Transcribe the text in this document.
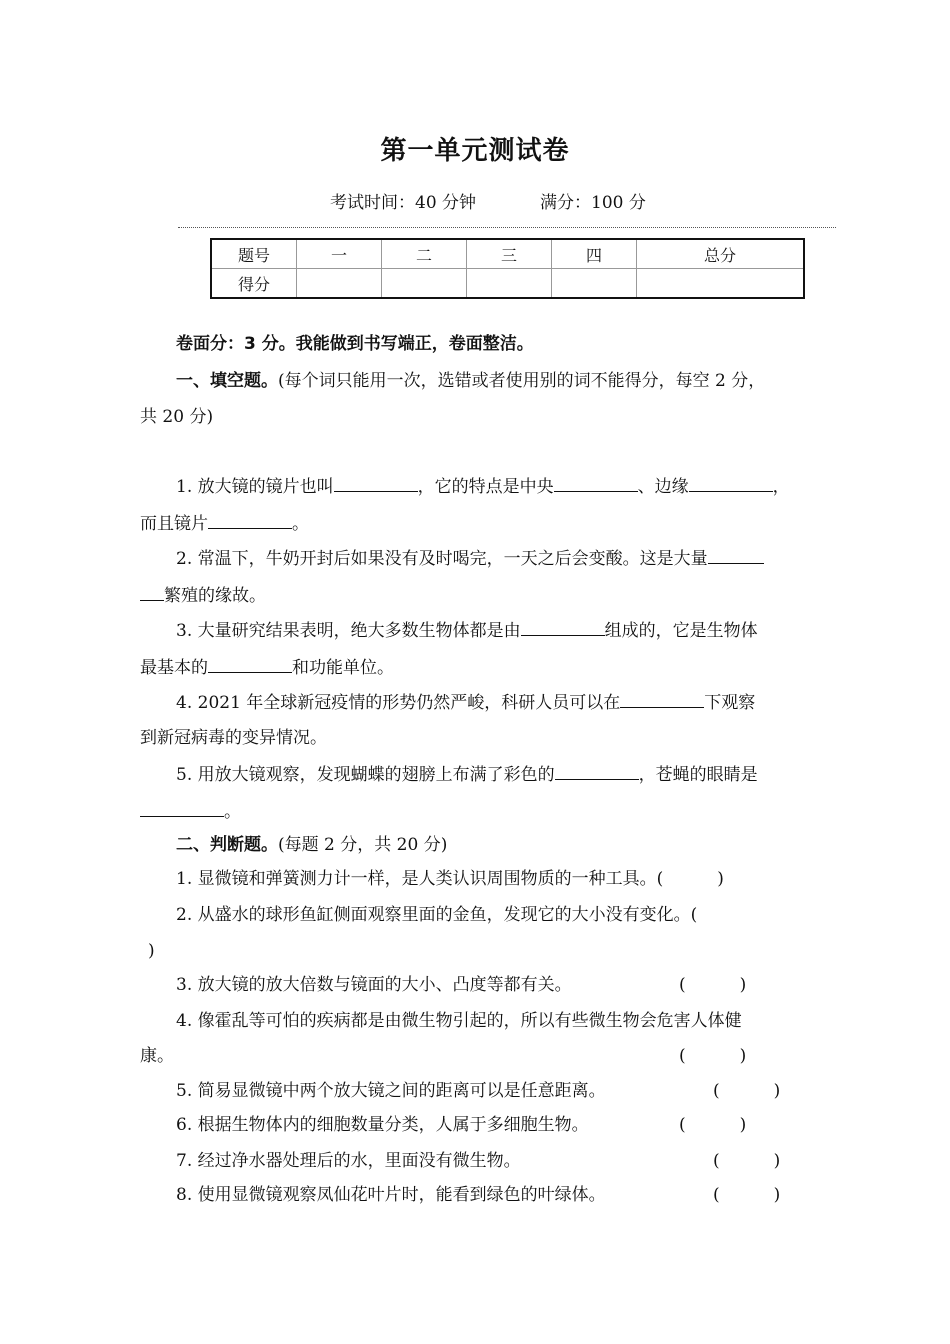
第一单元测试卷
考试时间：40 分钟	满分：100 分
题号	一	二	三	四	总分
得分					
卷面分：3 分。我能做到书写端正，卷面整洁。
一、填空题。(每个词只能用一次，选错或者使用别的词不能得分，每空 2 分，
共 20 分)
1. 放大镜的镜片也叫	，它的特点是中央	、边缘	，
而且镜片	。
2. 常温下，牛奶开封后如果没有及时喝完，一天之后会变酸。这是大量
繁殖的缘故。
3. 大量研究结果表明，绝大多数生物体都是由	组成的，它是生物体
最基本的	和功能单位。
4. 2021 年全球新冠疫情的形势仍然严峻，科研人员可以在	下观察
到新冠病毒的变异情况。
5. 用放大镜观察，发现蝴蝶的翅膀上布满了彩色的	，苍蝇的眼睛是
。
二、判断题。(每题 2 分，共 20 分)
1. 显微镜和弹簧测力计一样，是人类认识周围物质的一种工具。(	)
2. 从盛水的球形鱼缸侧面观察里面的金鱼，发现它的大小没有变化。(
)
3. 放大镜的放大倍数与镜面的大小、凸度等都有关。	(	)
4. 像霍乱等可怕的疾病都是由微生物引起的，所以有些微生物会危害人体健
康。	(	)
5. 简易显微镜中两个放大镜之间的距离可以是任意距离。	(	)
6. 根据生物体内的细胞数量分类，人属于多细胞生物。	(	)
7. 经过净水器处理后的水，里面没有微生物。	(	)
8. 使用显微镜观察凤仙花叶片时，能看到绿色的叶绿体。	(	)
